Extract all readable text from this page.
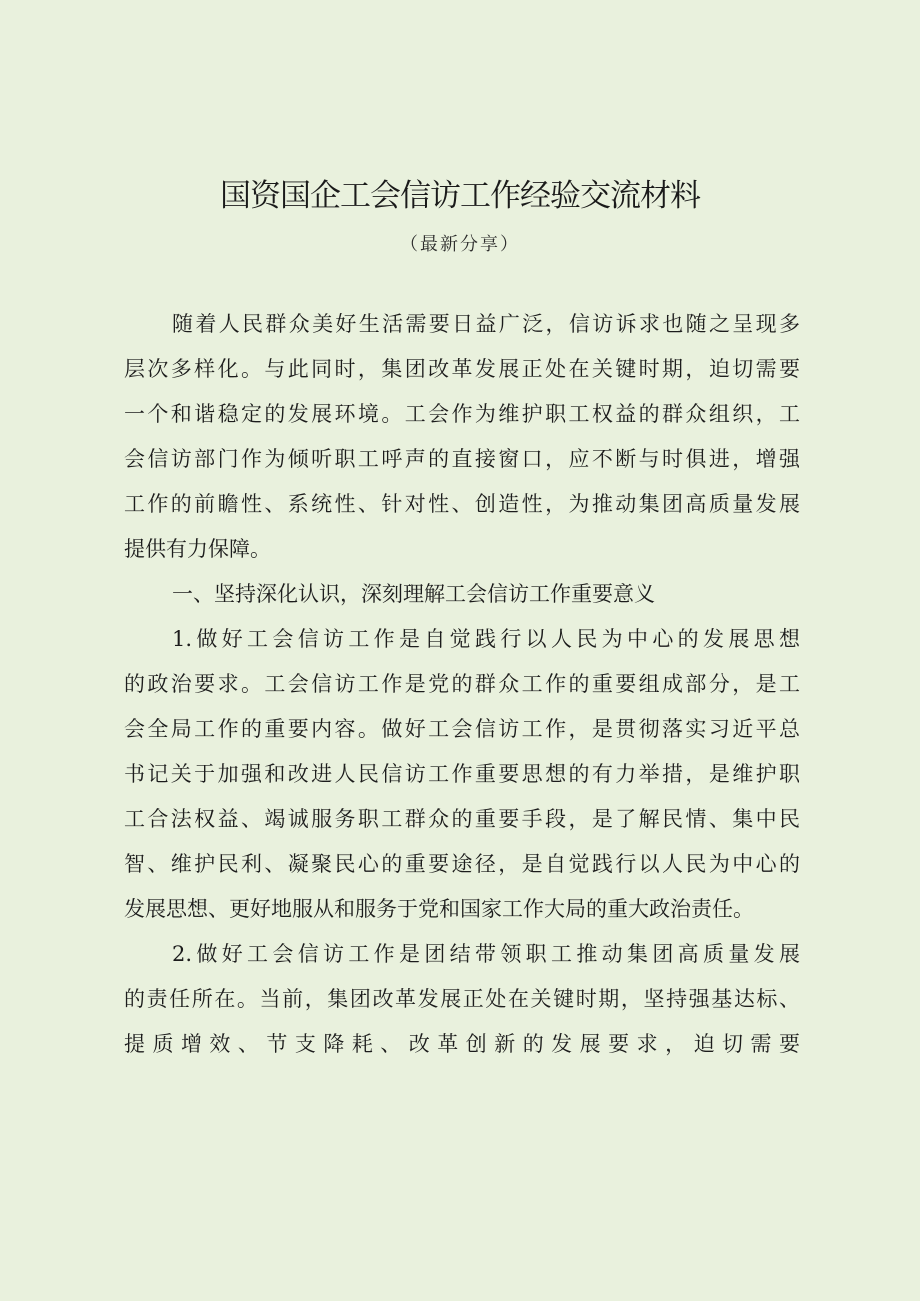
国资国企工会信访工作经验交流材料
（最新分享）
随着人民群众美好生活需要日益广泛，信访诉求也随之呈现多
层次多样化。与此同时，集团改革发展正处在关键时期，迫切需要
一个和谐稳定的发展环境。工会作为维护职工权益的群众组织，工
会信访部门作为倾听职工呼声的直接窗口，应不断与时俱进，增强
工作的前瞻性、系统性、针对性、创造性，为推动集团高质量发展
提供有力保障。
一、坚持深化认识，深刻理解工会信访工作重要意义
1.做好工会信访工作是自觉践行以人民为中心的发展思想
的政治要求。工会信访工作是党的群众工作的重要组成部分，是工
会全局工作的重要内容。做好工会信访工作，是贯彻落实习近平总
书记关于加强和改进人民信访工作重要思想的有力举措，是维护职
工合法权益、竭诚服务职工群众的重要手段，是了解民情、集中民
智、维护民利、凝聚民心的重要途径，是自觉践行以人民为中心的
发展思想、更好地服从和服务于党和国家工作大局的重大政治责任。
2.做好工会信访工作是团结带领职工推动集团高质量发展
的责任所在。当前，集团改革发展正处在关键时期，坚持强基达标、
提质增效、节支降耗、改革创新的发展要求，迫切需要
